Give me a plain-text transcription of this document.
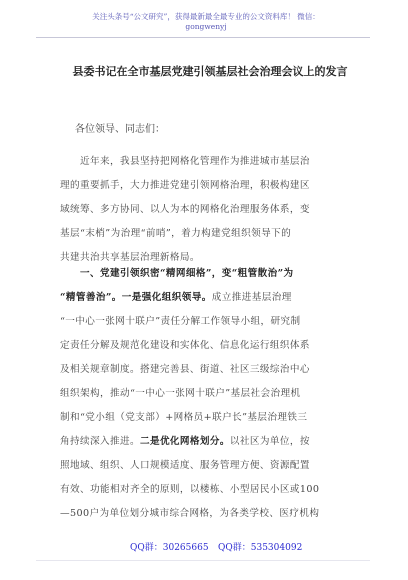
关注头条号“公文研究”，获得最新最全最专业的公文资料库！ 微信：gongwenyj
县委书记在全市基层党建引领基层社会治理会议上的发言
各位领导、同志们：
近年来，我县坚持把网格化管理作为推进城市基层治
理的重要抓手，大力推进党建引领网格治理，积极构建区
域统筹、多方协同、以人为本的网格化治理服务体系，变
基层“末梢”为治理“前哨”，着力构建党组织领导下的
共建共治共享基层治理新格局。
一、党建引领织密“精网细格”，变“粗管散治”为
“精管善治”。一是强化组织领导。成立推进基层治理
“一中心一张网十联户”责任分解工作领导小组，研究制
定责任分解及规范化建设和实体化、信息化运行组织体系
及相关规章制度。搭建完善县、街道、社区三级综治中心
组织架构，推动“一中心一张网十联户”基层社会治理机
制和“党小组（党支部）+网格员+联户长”基层治理铁三
角持续深入推进。二是优化网格划分。以社区为单位，按
照地域、组织、人口规模适度、服务管理方便、资源配置
有效、功能相对齐全的原则，以楼栋、小型居民小区或100
—500户为单位划分城市综合网格，为各类学校、医疗机构
QQ群：30265665 QQ群：535304092
